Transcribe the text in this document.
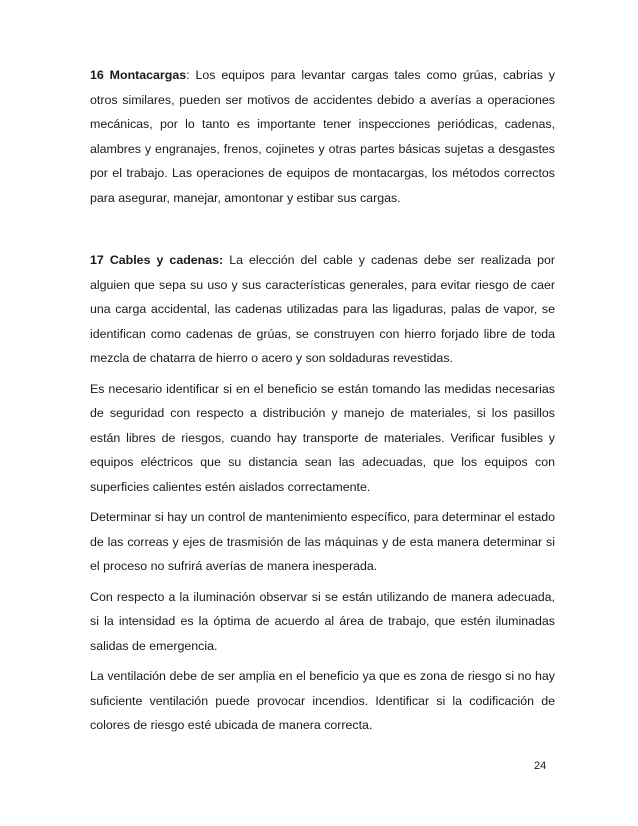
16 Montacargas: Los equipos para levantar cargas tales como grúas, cabrias y otros similares, pueden ser motivos de accidentes debido a averías a operaciones mecánicas, por lo tanto es importante tener inspecciones periódicas, cadenas, alambres y engranajes, frenos, cojinetes y otras partes básicas sujetas a desgastes por el trabajo. Las operaciones de equipos de montacargas, los métodos correctos para asegurar, manejar, amontonar y estibar sus cargas.

17 Cables y cadenas: La elección del cable y cadenas debe ser realizada por alguien que sepa su uso y sus características generales, para evitar riesgo de caer una carga accidental, las cadenas utilizadas para las ligaduras, palas de vapor, se identifican como cadenas de grúas, se construyen con hierro forjado libre de toda mezcla de chatarra de hierro o acero y son soldaduras revestidas.

Es necesario identificar si en el beneficio se están tomando las medidas necesarias de seguridad con respecto a distribución y manejo de materiales, si los pasillos están libres de riesgos, cuando hay transporte de materiales. Verificar fusibles y equipos eléctricos que su distancia sean las adecuadas, que los equipos con superficies calientes estén aislados correctamente.

Determinar si hay un control de mantenimiento específico, para determinar el estado de las correas y ejes de trasmisión de las máquinas y de esta manera determinar si el proceso no sufrirá averías de manera inesperada.

Con respecto a la iluminación observar si se están utilizando de manera adecuada, si la intensidad es la óptima de acuerdo al área de trabajo, que estén iluminadas salidas de emergencia.

La ventilación debe de ser amplia en el beneficio ya que es zona de riesgo si no hay suficiente ventilación puede provocar incendios. Identificar si la codificación de colores de riesgo esté ubicada de manera correcta.

24
